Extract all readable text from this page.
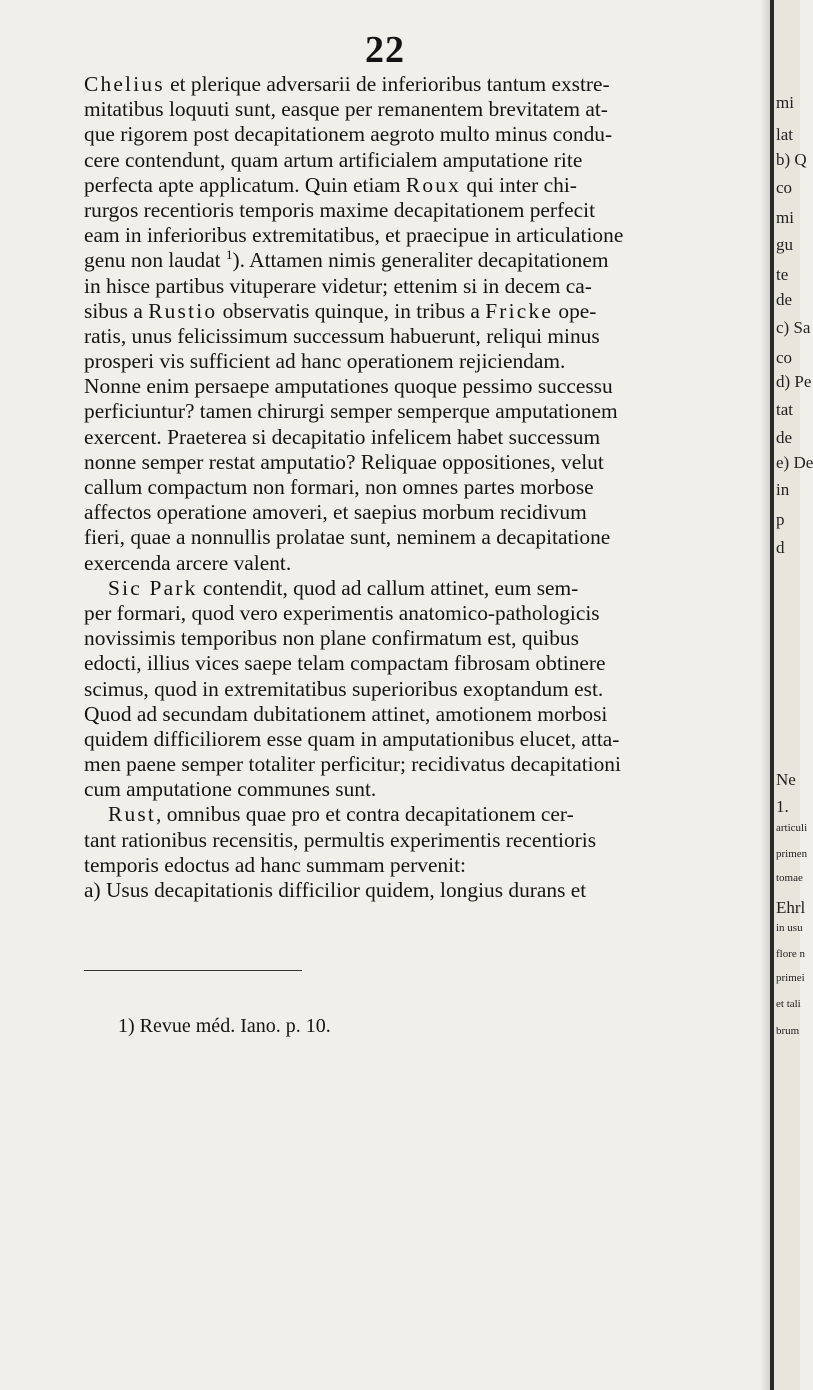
22
Chelius et plerique adversarii de inferioribus tantum exstre-
mitatibus loquuti sunt, easque per remanentem brevitatem at-
que rigorem post decapitationem aegroto multo minus condu-
cere contendunt, quam artum artificialem amputatione rite
perfecta apte applicatum. Quin etiam Roux qui inter chi-
rurgos recentioris temporis maxime decapitationem perfecit
eam in inferioribus extremitatibus, et praecipue in articulatione
genu non laudat $^1$). Attamen nimis generaliter decapitationem
in hisce partibus vituperare videtur; ettenim si in decem ca-
sibus a Rustio observatis quinque, in tribus a Fricke ope-
ratis, unus felicissimum successum habuerunt, reliqui minus
prosperi vis sufficient ad hanc operationem rejiciendam.
Nonne enim persaepe amputationes quoque pessimo successu
perficiuntur? tamen chirurgi semper semperque amputationem
exercent. Praeterea si decapitatio infelicem habet successum
nonne semper restat amputatio? Reliquae oppositiones, velut
callum compactum non formari, non omnes partes morbose
affectos operatione amoveri, et saepius morbum recidivum
fieri, quae a nonnullis prolatae sunt, neminem a decapitatione
exercenda arcere valent.
Sic Park contendit, quod ad callum attinet, eum sem-
per formari, quod vero experimentis anatomico-pathologicis
novissimis temporibus non plane confirmatum est, quibus
edocti, illius vices saepe telam compactam fibrosam obtinere
scimus, quod in extremitatibus superioribus exoptandum est.
Quod ad secundam dubitationem attinet, amotionem morbosi
quidem difficiliorem esse quam in amputationibus elucet, atta-
men paene semper totaliter perficitur; recidivatus decapitationi
cum amputatione communes sunt.
Rust, omnibus quae pro et contra decapitationem cer-
tant rationibus recensitis, permultis experimentis recentioris
temporis edoctus ad hanc summam pervenit:
a) Usus decapitationis difficilior quidem, longius durans et
1) Revue méd. Iano. p. 10.
mi
lat
b) Q
co
mi
gu
te
de
c) Sa
co
d) Pe
tat
de
e) De
in
p
d
Ne
1.
articuli
primen
tomae
Ehrl
in usu
flore n
primei
et tali
brum
